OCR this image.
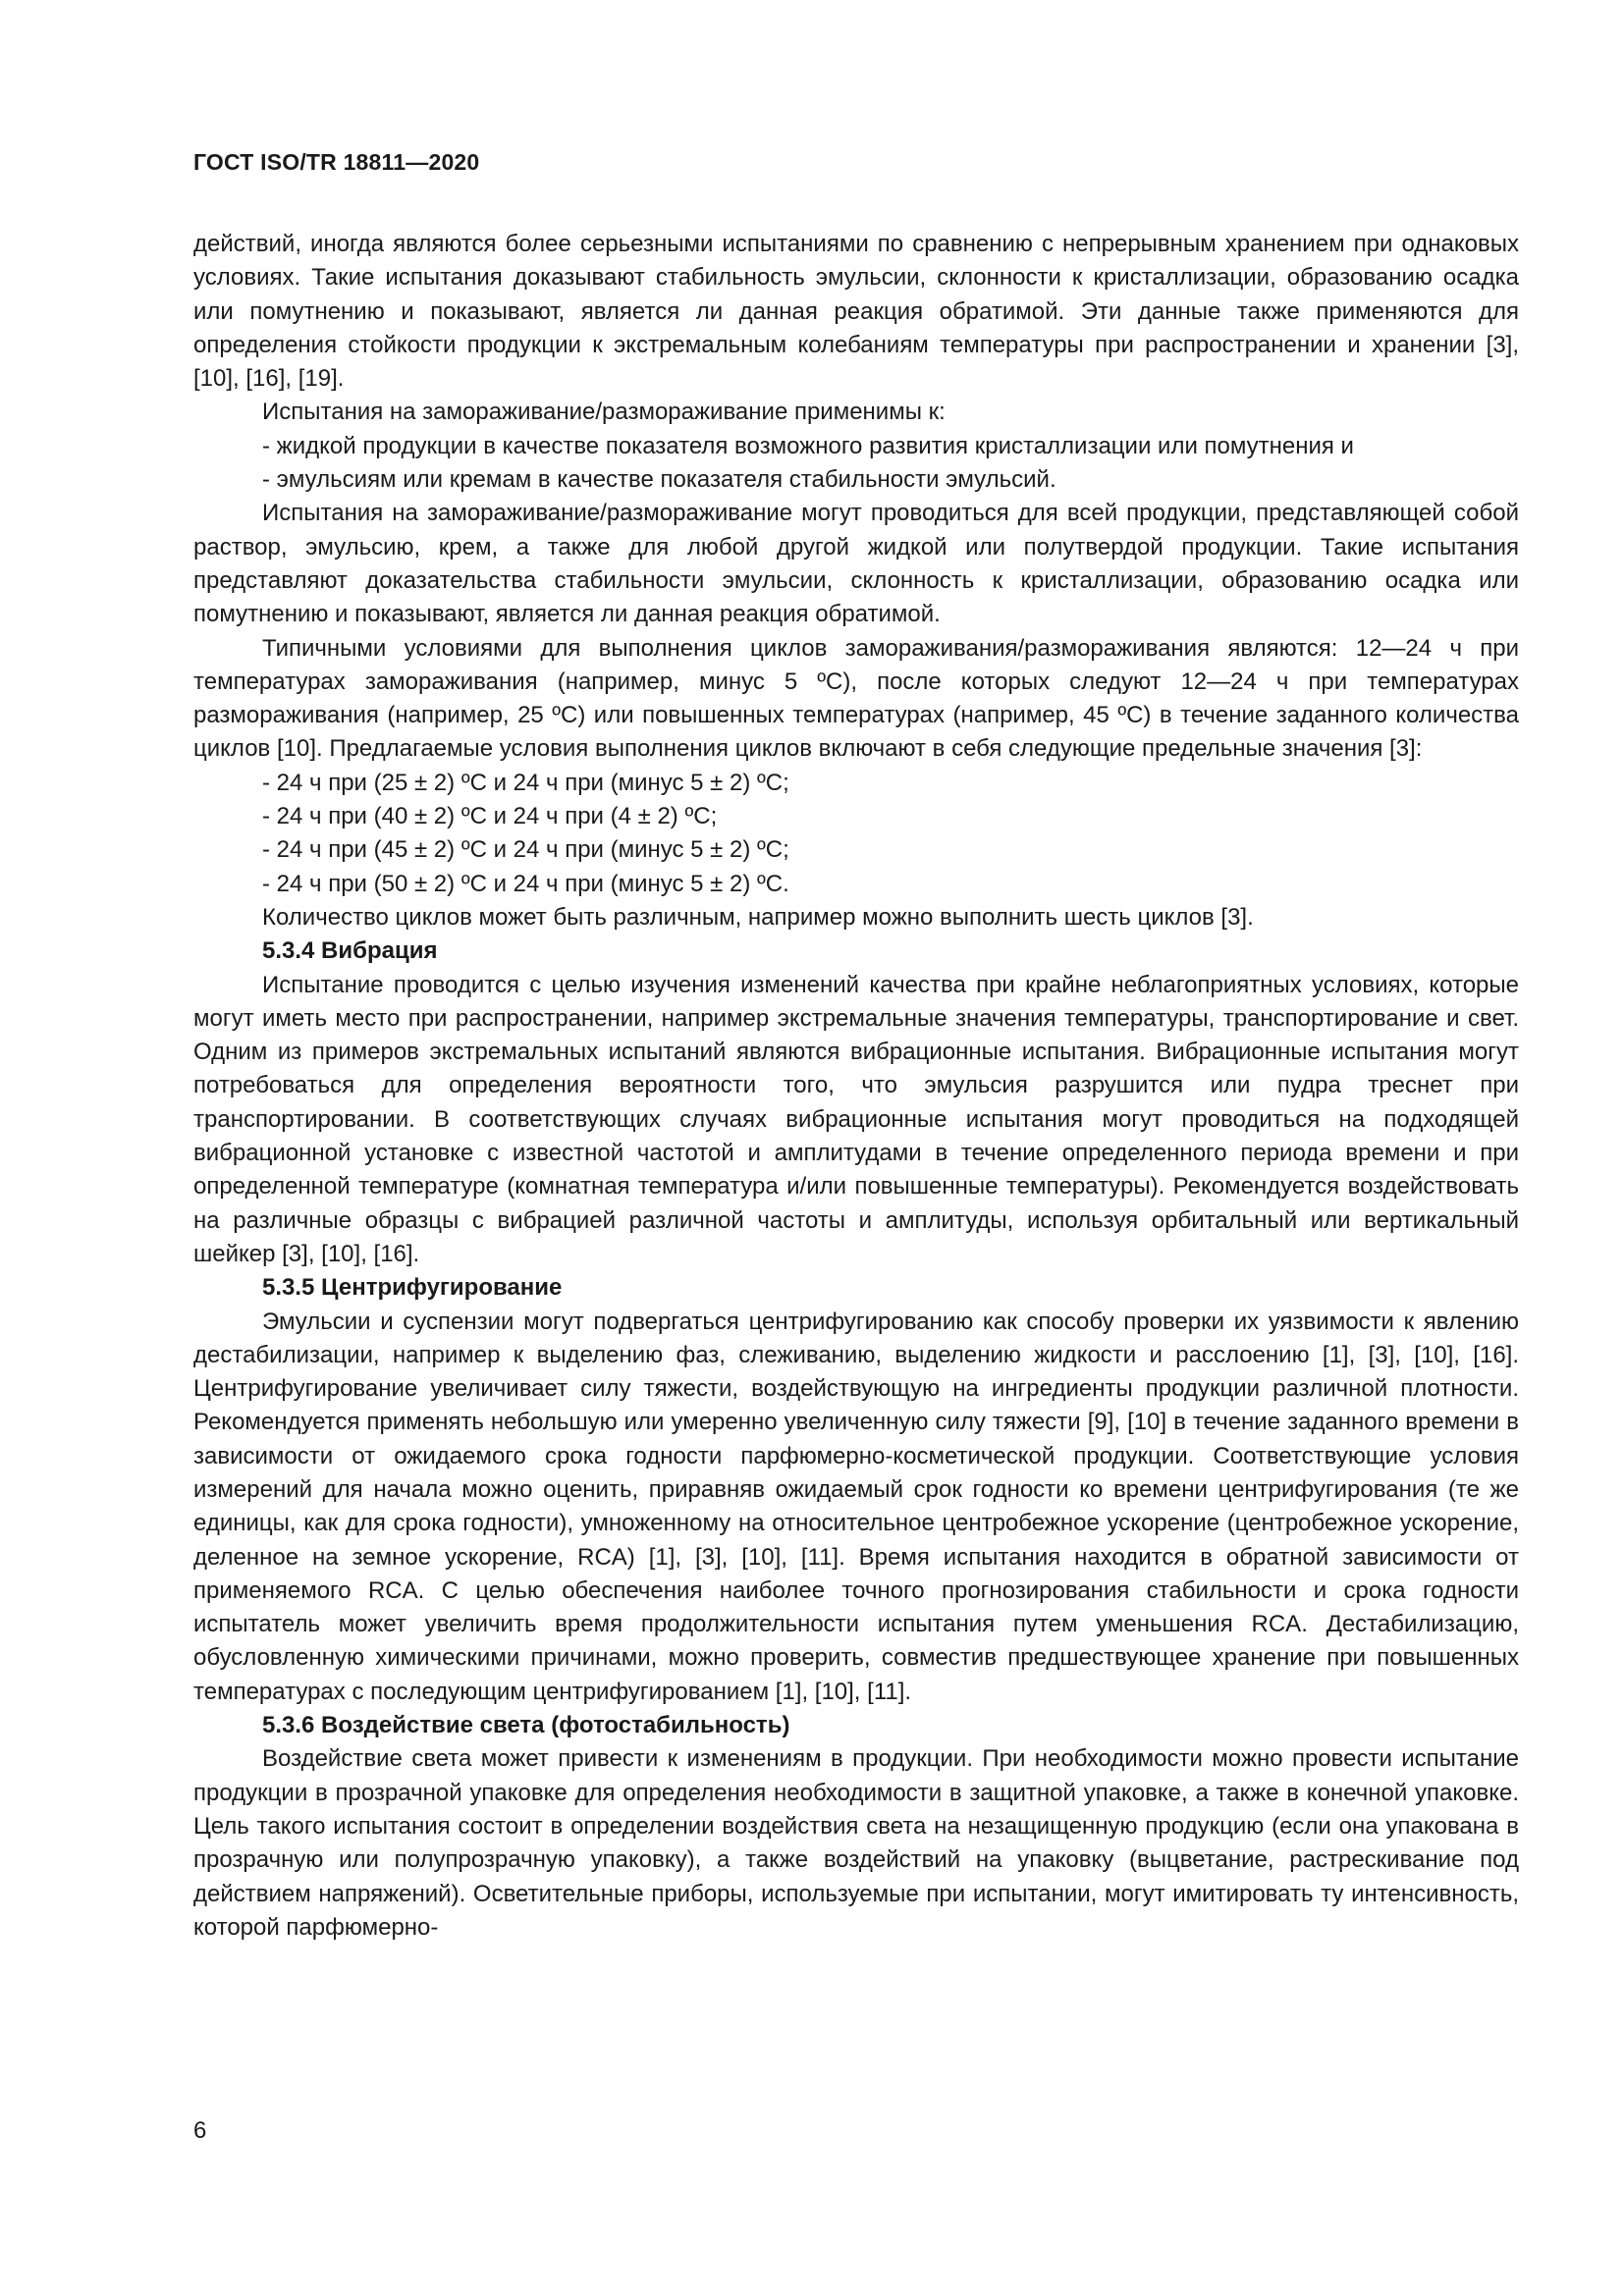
ГОСТ ISO/TR 18811—2020

действий, иногда являются более серьезными испытаниями по сравнению с непрерывным хранением при однаковых условиях. Такие испытания доказывают стабильность эмульсии, склонности к кристаллизации, образованию осадка или помутнению и показывают, является ли данная реакция обратимой. Эти данные также применяются для определения стойкости продукции к экстремальным колебаниям температуры при распространении и хранении [3], [10], [16], [19].

Испытания на замораживание/размораживание применимы к:

- жидкой продукции в качестве показателя возможного развития кристаллизации или помутнения и

- эмульсиям или кремам в качестве показателя стабильности эмульсий.

Испытания на замораживание/размораживание могут проводиться для всей продукции, представляющей собой раствор, эмульсию, крем, а также для любой другой жидкой или полутвердой продукции. Такие испытания представляют доказательства стабильности эмульсии, склонность к кристаллизации, образованию осадка или помутнению и показывают, является ли данная реакция обратимой.

Типичными условиями для выполнения циклов замораживания/размораживания являются: 12—24 ч при температурах замораживания (например, минус 5 ºС), после которых следуют 12—24 ч при температурах размораживания (например, 25 ºС) или повышенных температурах (например, 45 ºС) в течение заданного количества циклов [10]. Предлагаемые условия выполнения циклов включают в себя следующие предельные значения [3]:

- 24 ч при (25 ± 2) ºС и 24 ч при (минус 5 ± 2) ºС;

- 24 ч при (40 ± 2) ºС и 24 ч при (4 ± 2) ºС;

- 24 ч при (45 ± 2) ºС и 24 ч при (минус 5 ± 2) ºС;

- 24 ч при (50 ± 2) ºС и 24 ч при (минус 5 ± 2) ºС.

Количество циклов может быть различным, например можно выполнить шесть циклов [3].

5.3.4 Вибрация

Испытание проводится с целью изучения изменений качества при крайне неблагоприятных условиях, которые могут иметь место при распространении, например экстремальные значения температуры, транспортирование и свет. Одним из примеров экстремальных испытаний являются вибрационные испытания. Вибрационные испытания могут потребоваться для определения вероятности того, что эмульсия разрушится или пудра треснет при транспортировании. В соответствующих случаях вибрационные испытания могут проводиться на подходящей вибрационной установке с известной частотой и амплитудами в течение определенного периода времени и при определенной температуре (комнатная температура и/или повышенные температуры). Рекомендуется воздействовать на различные образцы с вибрацией различной частоты и амплитуды, используя орбитальный или вертикальный шейкер [3], [10], [16].

5.3.5 Центрифугирование

Эмульсии и суспензии могут подвергаться центрифугированию как способу проверки их уязвимости к явлению дестабилизации, например к выделению фаз, слеживанию, выделению жидкости и расслоению [1], [3], [10], [16]. Центрифугирование увеличивает силу тяжести, воздействующую на ингредиенты продукции различной плотности. Рекомендуется применять небольшую или умеренно увеличенную силу тяжести [9], [10] в течение заданного времени в зависимости от ожидаемого срока годности парфюмерно-косметической продукции. Соответствующие условия измерений для начала можно оценить, приравняв ожидаемый срок годности ко времени центрифугирования (те же единицы, как для срока годности), умноженному на относительное центробежное ускорение (центробежное ускорение, деленное на земное ускорение, RCA) [1], [3], [10], [11]. Время испытания находится в обратной зависимости от применяемого RCA. С целью обеспечения наиболее точного прогнозирования стабильности и срока годности испытатель может увеличить время продолжительности испытания путем уменьшения RCA. Дестабилизацию, обусловленную химическими причинами, можно проверить, совместив предшествующее хранение при повышенных температурах с последующим центрифугированием [1], [10], [11].

5.3.6 Воздействие света (фотостабильность)

Воздействие света может привести к изменениям в продукции. При необходимости можно провести испытание продукции в прозрачной упаковке для определения необходимости в защитной упаковке, а также в конечной упаковке. Цель такого испытания состоит в определении воздействия света на незащищенную продукцию (если она упакована в прозрачную или полупрозрачную упаковку), а также воздействий на упаковку (выцветание, растрескивание под действием напряжений). Осветительные приборы, используемые при испытании, могут имитировать ту интенсивность, которой парфюмерно-

6
